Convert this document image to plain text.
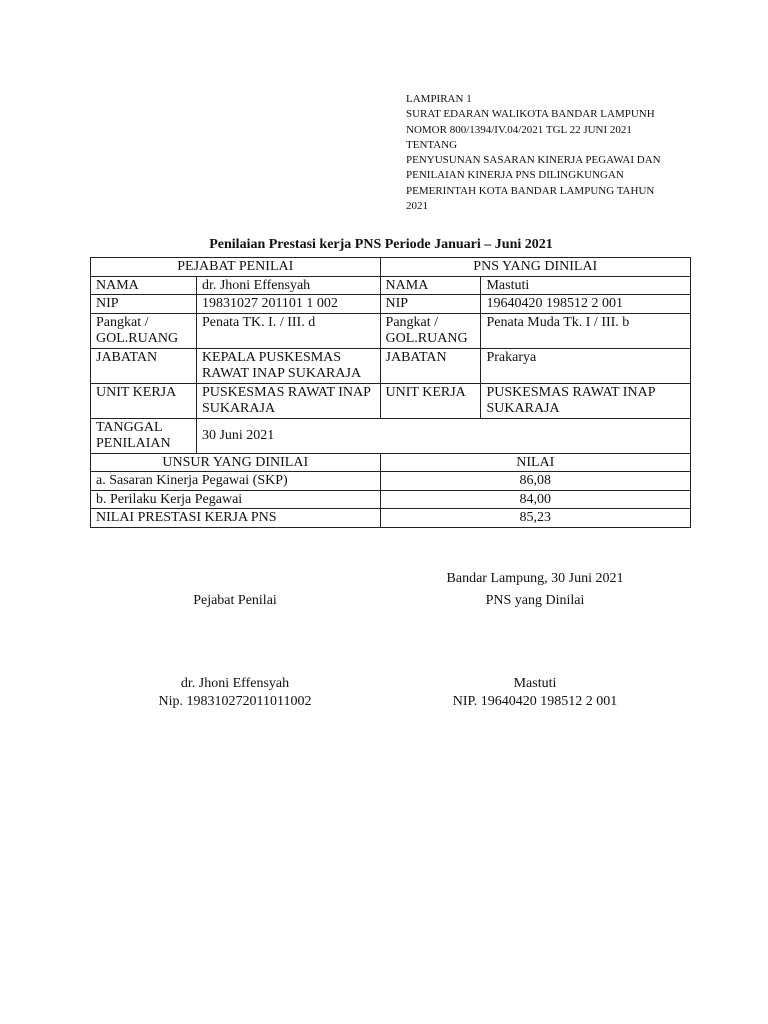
LAMPIRAN 1
SURAT EDARAN WALIKOTA BANDAR LAMPUNH
NOMOR 800/1394/IV.04/2021 TGL 22 JUNI 2021
TENTANG
PENYUSUNAN SASARAN KINERJA PEGAWAI DAN
PENILAIAN KINERJA PNS DILINGKUNGAN
PEMERINTAH KOTA BANDAR LAMPUNG TAHUN
2021
Penilaian Prestasi kerja PNS Periode Januari – Juni 2021
PEJABAT PENILAI		PNS YANG DINILAI	
NAMA	dr. Jhoni Effensyah	NAMA	Mastuti
NIP	19831027 201101 1 002	NIP	19640420 198512 2 001
Pangkat / GOL.RUANG	Penata TK. I. / III. d	Pangkat / GOL.RUANG	Penata Muda Tk. I / III. b
JABATAN	KEPALA PUSKESMAS RAWAT INAP SUKARAJA	JABATAN	Prakarya
UNIT KERJA	PUSKESMAS RAWAT INAP SUKARAJA	UNIT KERJA	PUSKESMAS RAWAT INAP SUKARAJA
TANGGAL PENILAIAN	30 Juni 2021		
UNSUR YANG DINILAI		NILAI	
a. Sasaran Kinerja Pegawai (SKP)		86,08	
b. Perilaku Kerja Pegawai		84,00	
NILAI PRESTASI KERJA PNS		85,23	
Bandar Lampung, 30 Juni 2021
Pejabat Penilai	PNS yang Dinilai
dr. Jhoni Effensyah
Nip. 198310272011011002
Mastuti
NIP. 19640420 198512 2 001
